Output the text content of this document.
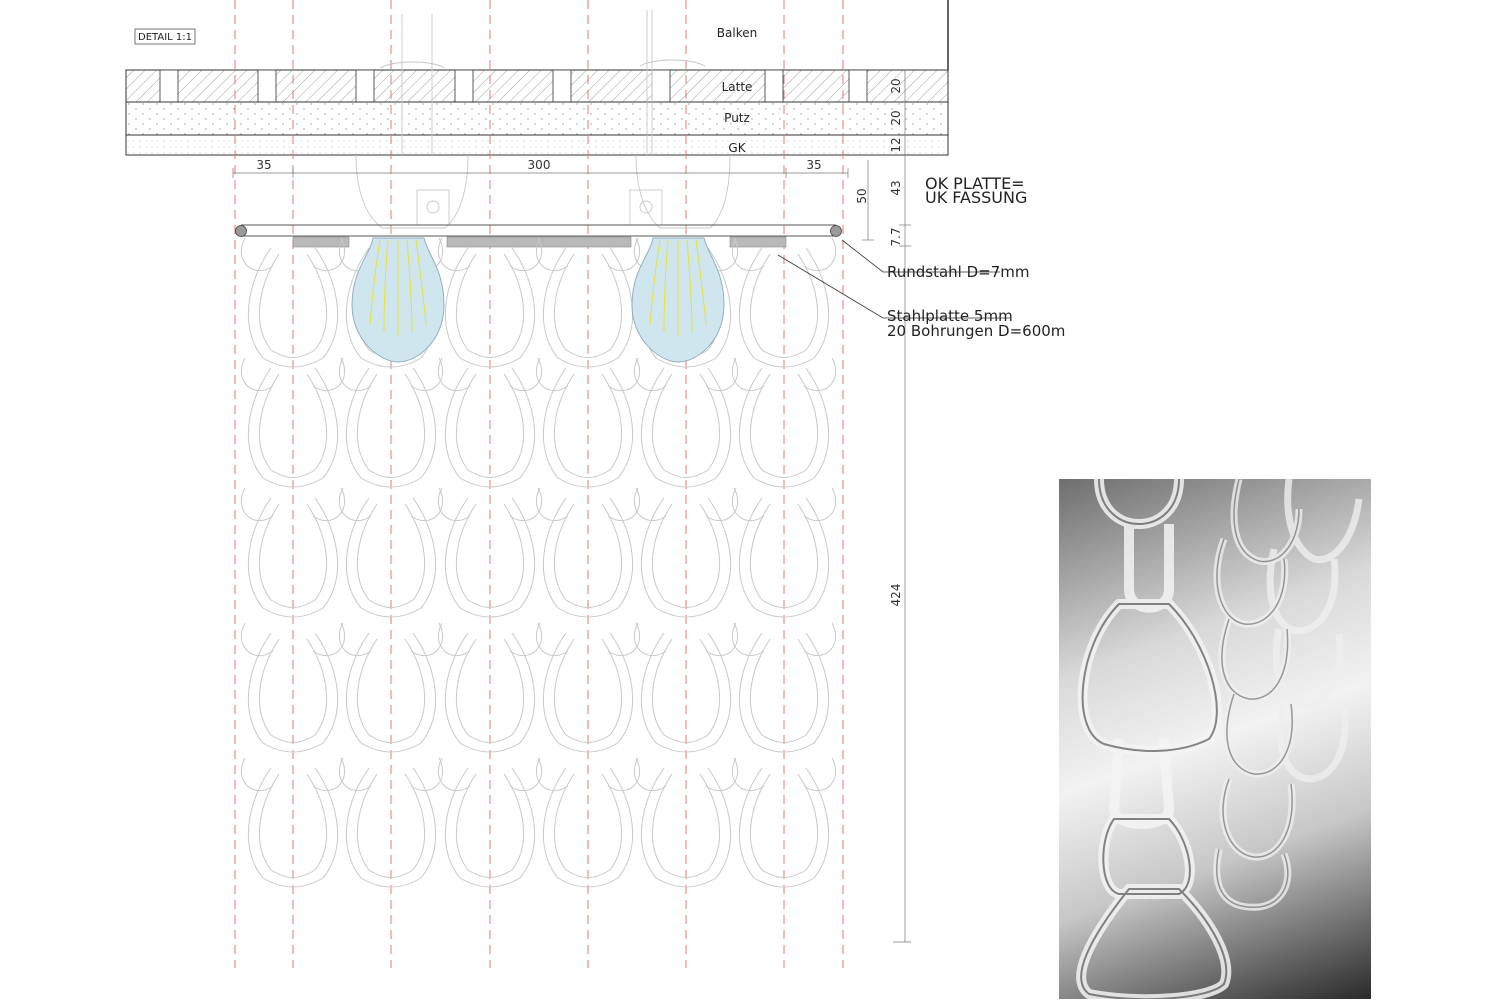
Balken
Latte
Putz
GK
DETAIL 1:1
20
20
12
35	300	35
50
43
7.7
424
OK PLATTE=
UK FASSUNG
Rundstahl D=7mm
Stahlplatte 5mm
20 Bohrungen D=600m
